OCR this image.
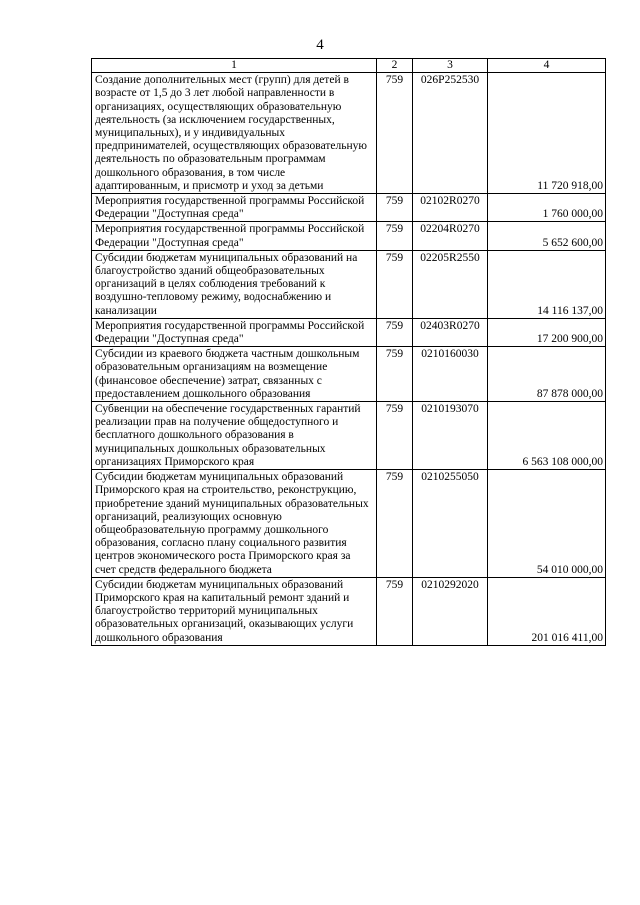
4
1	2	3	4
Создание дополнительных мест (групп) для детей в возрасте от 1,5 до 3 лет любой направленности в организациях, осуществляющих образовательную деятельность (за исключением государственных, муниципальных), и у индивидуальных предпринимателей, осуществляющих образовательную деятельность по образовательным программам дошкольного образования, в том числе адаптированным, и присмотр и уход за детьми	759	026P252530	11 720 918,00
Мероприятия государственной программы Российской Федерации "Доступная среда"	759	02102R0270	1 760 000,00
Мероприятия государственной программы Российской Федерации "Доступная среда"	759	02204R0270	5 652 600,00
Субсидии бюджетам муниципальных образований на благоустройство зданий общеобразовательных организаций в целях соблюдения требований к воздушно-тепловому режиму, водоснабжению и канализации	759	02205R2550	14 116 137,00
Мероприятия государственной программы Российской Федерации "Доступная среда"	759	02403R0270	17 200 900,00
Субсидии из краевого бюджета частным дошкольным образовательным организациям на возмещение (финансовое обеспечение) затрат, связанных с предоставлением дошкольного образования	759	0210160030	87 878 000,00
Субвенции на обеспечение государственных гарантий реализации прав на получение общедоступного и бесплатного дошкольного образования в муниципальных дошкольных образовательных организациях Приморского края	759	0210193070	6 563 108 000,00
Субсидии бюджетам муниципальных образований Приморского края на строительство, реконструкцию, приобретение зданий муниципальных образовательных организаций, реализующих основную общеобразовательную программу дошкольного образования, согласно плану социального развития центров экономического роста Приморского края за счет средств федерального бюджета	759	0210255050	54 010 000,00
Субсидии бюджетам муниципальных образований Приморского края на капитальный ремонт зданий и благоустройство территорий муниципальных образовательных организаций, оказывающих услуги дошкольного образования	759	0210292020	201 016 411,00
